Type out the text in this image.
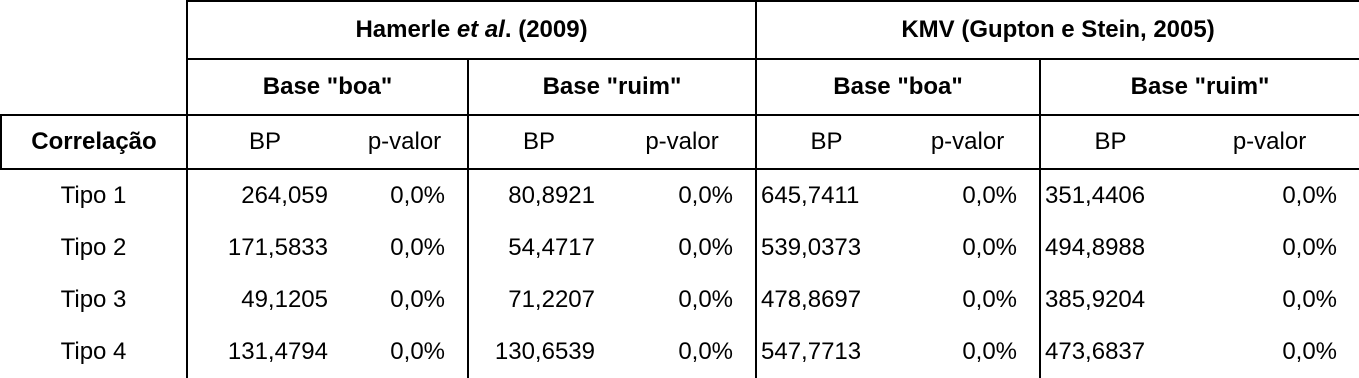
	Hamerle et al. (2009)				KMV (Gupton e Stein, 2005)			
	Base "boa"		Base "ruim"		Base "boa"		Base "ruim"	
Correlação	BP	p-valor	BP	p-valor	BP	p-valor	BP	p-valor
Tipo 1	264,059	0,0%	80,8921	0,0%	645,7411	0,0%	351,4406	0,0%
Tipo 2	171,5833	0,0%	54,4717	0,0%	539,0373	0,0%	494,8988	0,0%
Tipo 3	49,1205	0,0%	71,2207	0,0%	478,8697	0,0%	385,9204	0,0%
Tipo 4	131,4794	0,0%	130,6539	0,0%	547,7713	0,0%	473,6837	0,0%
